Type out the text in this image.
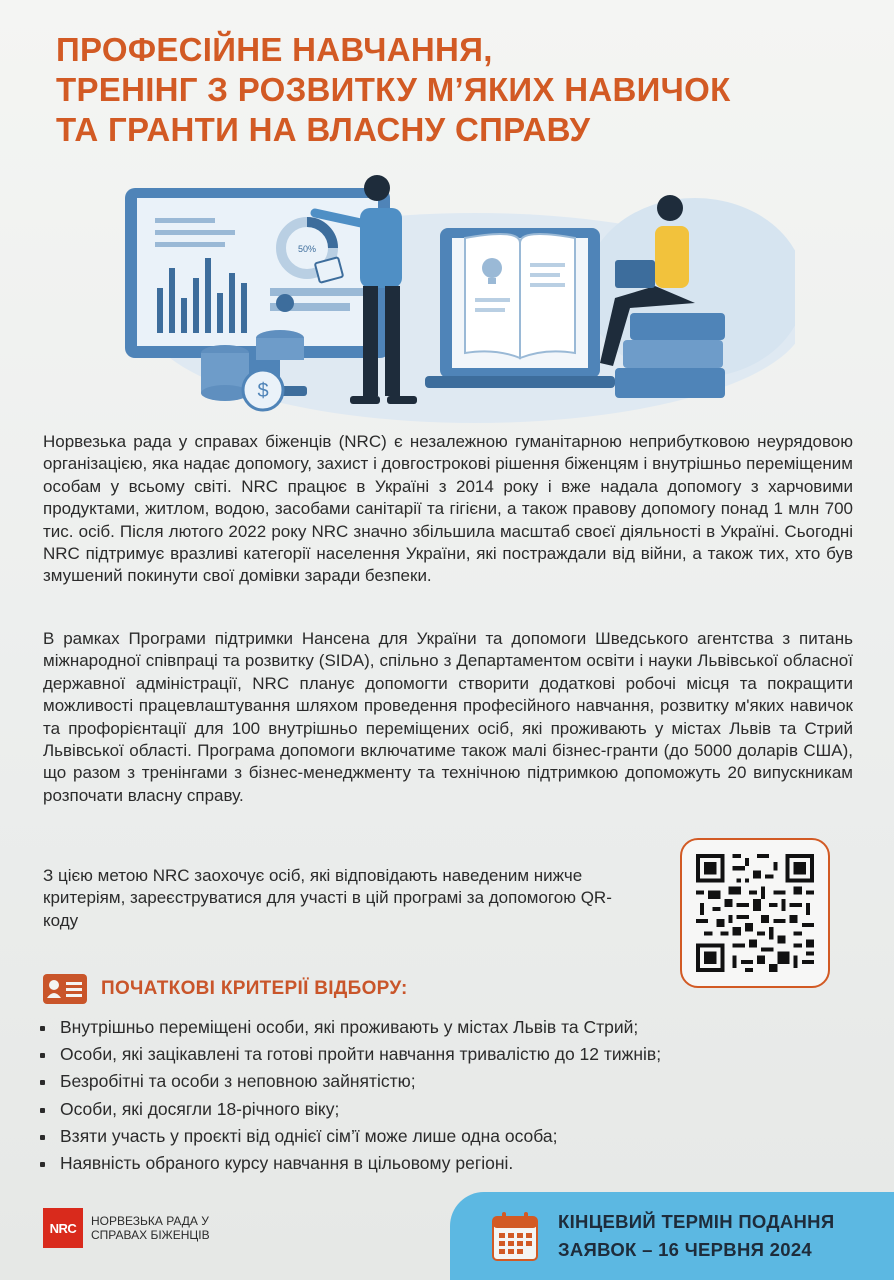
ПРОФЕСІЙНЕ НАВЧАННЯ,
ТРЕНІНГ З РОЗВИТКУ М’ЯКИХ НАВИЧОК
ТА ГРАНТИ НА ВЛАСНУ СПРАВУ
50%
$
Норвезька рада у справах біженців (NRC) є незалежною гуманітарною неприбутковою неурядовою організацією, яка надає допомогу, захист і довгострокові рішення біженцям і внутрішньо переміщеним особам у всьому світі. NRC працює в Україні з 2014 року і вже надала допомогу з харчовими продуктами, житлом, водою, засобами санітарії та гігієни, а також правову допомогу понад 1 млн 700 тис. осіб. Після лютого 2022 року NRC значно збільшила масштаб своєї діяльності в Україні. Сьогодні NRC підтримує вразливі категорії населення України, які постраждали від війни, а також тих, хто був змушений покинути свої домівки заради безпеки.
В рамках Програми підтримки Нансена для України та допомоги Шведського агентства з питань міжнародної співпраці та розвитку (SIDA), спільно з Департаментом освіти і науки Львівської обласної державної адміністрації, NRC планує допомогти створити додаткові робочі місця та покращити можливості працевлаштування шляхом проведення професійного навчання, розвитку м'яких навичок та профорієнтації для 100 внутрішньо переміщених осіб, які проживають у містах Львів та Стрий Львівської області. Програма допомоги включатиме також малі бізнес-гранти (до 5000 доларів США), що разом з тренінгами з бізнес-менеджменту та технічною підтримкою допоможуть 20 випускникам розпочати власну справу.
З цією метою NRC заохочує осіб, які відповідають наведеним нижче критеріям, зареєструватися для участі в цій програмі за допомогою QR-коду
ПОЧАТКОВІ КРИТЕРІЇ ВІДБОРУ:
Внутрішньо переміщені особи, які проживають у містах Львів та Стрий;
Особи, які зацікавлені та готові пройти навчання тривалістю до 12 тижнів;
Безробітні та особи з неповною зайнятістю;
Особи, які досягли 18-річного віку;
Взяти участь у проєкті від однієї сім’ї може лише одна особа;
Наявність обраного курсу навчання в цільовому регіоні.
NRC	НОРВЕЗЬКА РАДА У
СПРАВАХ БІЖЕНЦІВ
КІНЦЕВИЙ ТЕРМІН ПОДАННЯ
ЗАЯВОК – 16 ЧЕРВНЯ 2024
